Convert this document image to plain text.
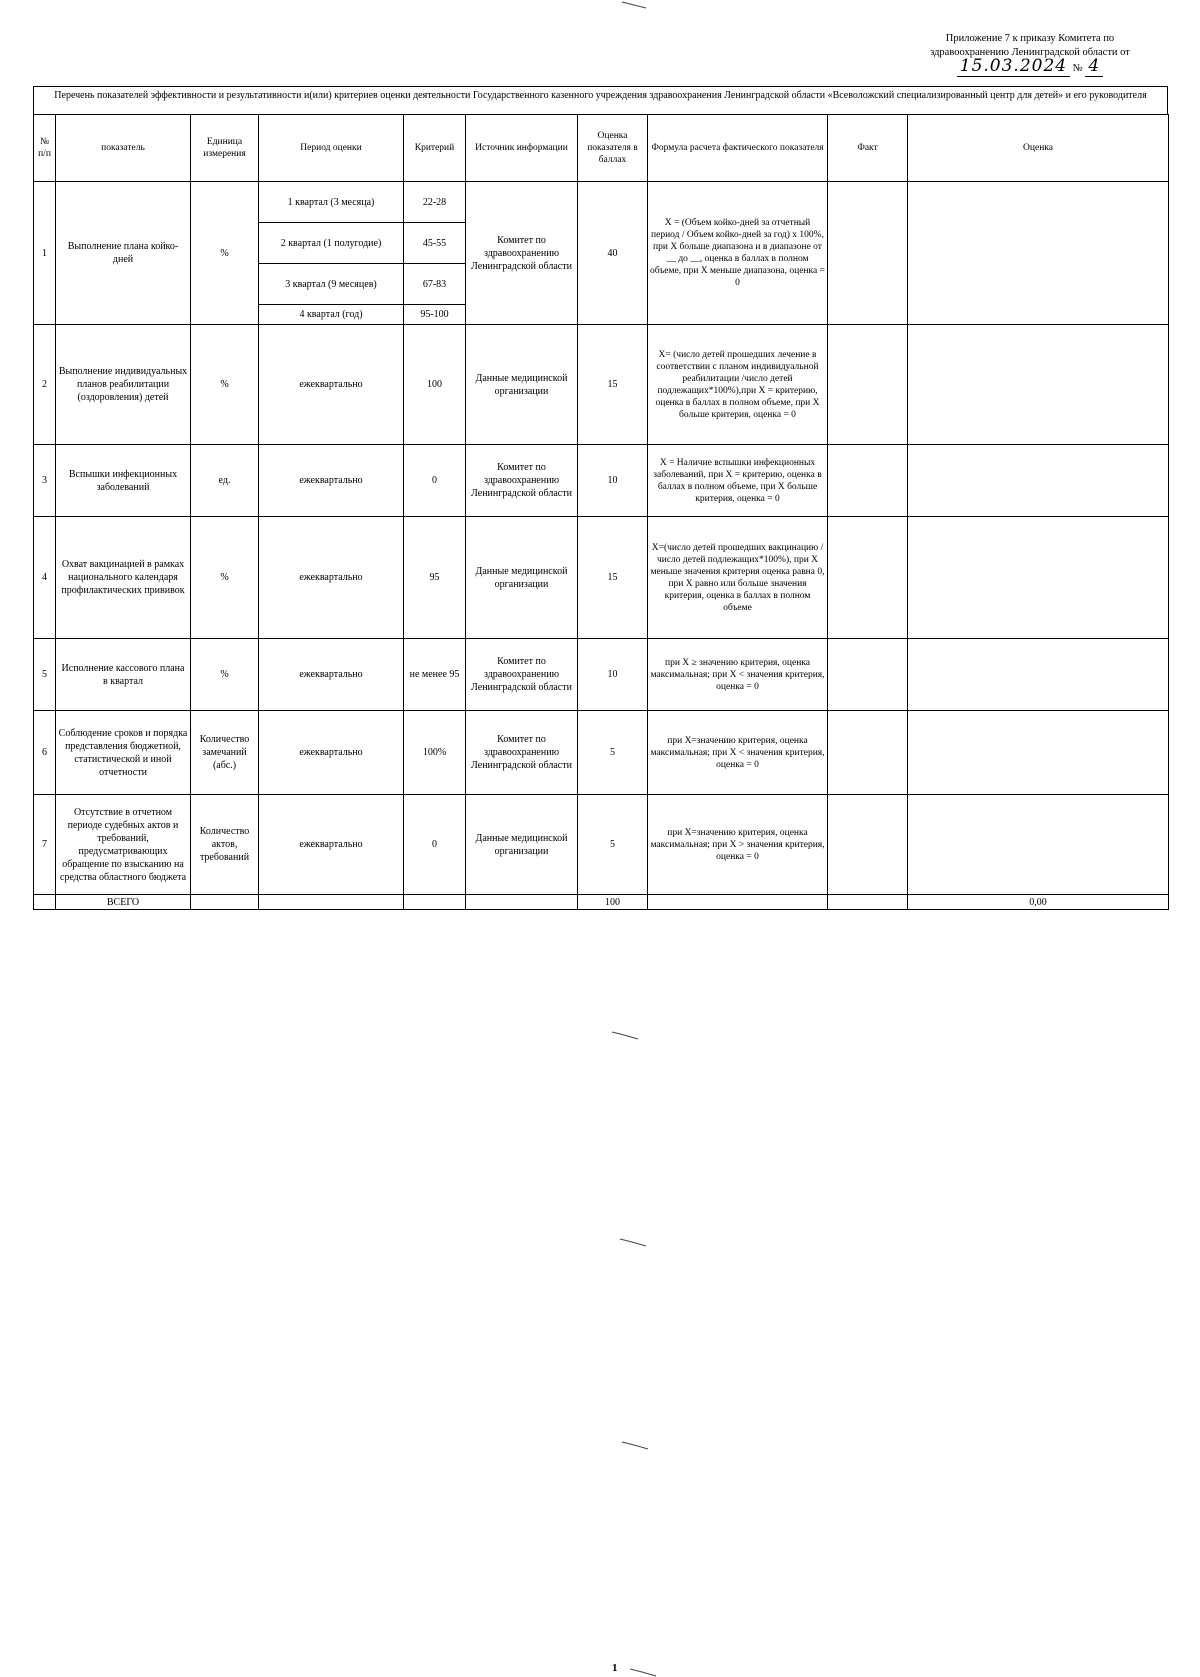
Приложение 7 к приказу Комитета по

здравоохранению Ленинградской области от
15.03.2024 № 4
Перечень показателей эффективности и результативности и(или) критериев оценки деятельности Государственного казенного учреждения здравоохранения Ленинградской области «Всеволожский специализированный центр для детей» и его руководителя
№ п/п	показатель	Единица измерения	Период оценки	Критерий	Источник информации	Оценка показателя в баллах	Формула расчета фактического показателя	Факт	Оценка
1	Выполнение плана койко-дней	%	1 квартал (3 месяца)	22-28	Комитет по здравоохранению Ленинградской области	40	X = (Объем койко-дней за отчетный период / Объем койко-дней за год) х 100%, при X больше диапазона и в диапазоне от __ до __, оценка в баллах в полном объеме, при X меньше диапазона, оценка = 0		
			2 квартал (1 полугодие)	45-55					
			3 квартал (9 месяцев)	67-83					
			4 квартал (год)	95-100					
2	Выполнение индивидуальных планов реабилитации (оздоровления) детей	%	ежеквартально	100	Данные медицинской организации	15	X= (число детей прошедших лечение в соответствии с планом индивидуальной реабилитации /число детей подлежащих*100%),при X = критерию, оценка в баллах в полном объеме, при X больше критерия, оценка = 0		
3	Вспышки инфекционных заболеваний	ед.	ежеквартально	0	Комитет по здравоохранению Ленинградской области	10	X = Наличие вспышки инфекционных заболеваний, при X = критерию, оценка в баллах в полном объеме, при X больше критерия, оценка = 0		
4	Охват вакцинацией в рамках национального календаря профилактических прививок	%	ежеквартально	95	Данные медицинской организации	15	X=(число детей прошедших вакцинацию /число детей подлежащих*100%), при X меньше значения критерия оценка равна 0, при X равно или больше значения критерия, оценка в баллах в полном объеме		
5	Исполнение кассового плана в квартал	%	ежеквартально	не менее 95	Комитет по здравоохранению Ленинградской области	10	при X ≥ значению критерия, оценка максимальная; при X < значения критерия, оценка = 0		
6	Соблюдение сроков и порядка представления бюджетной, статистической и иной отчетности	Количество замечаний (абс.)	ежеквартально	100%	Комитет по здравоохранению Ленинградской области	5	при X=значению критерия, оценка максимальная; при X < значения критерия, оценка = 0		
7	Отсутствие в отчетном периоде судебных актов и требований, предусматривающих обращение по взысканию на средства областного бюджета	Количество актов, требований	ежеквартально	0	Данные медицинской организации	5	при X=значению критерия, оценка максимальная; при X > значения критерия, оценка = 0		
	ВСЕГО					100			0,00
1
